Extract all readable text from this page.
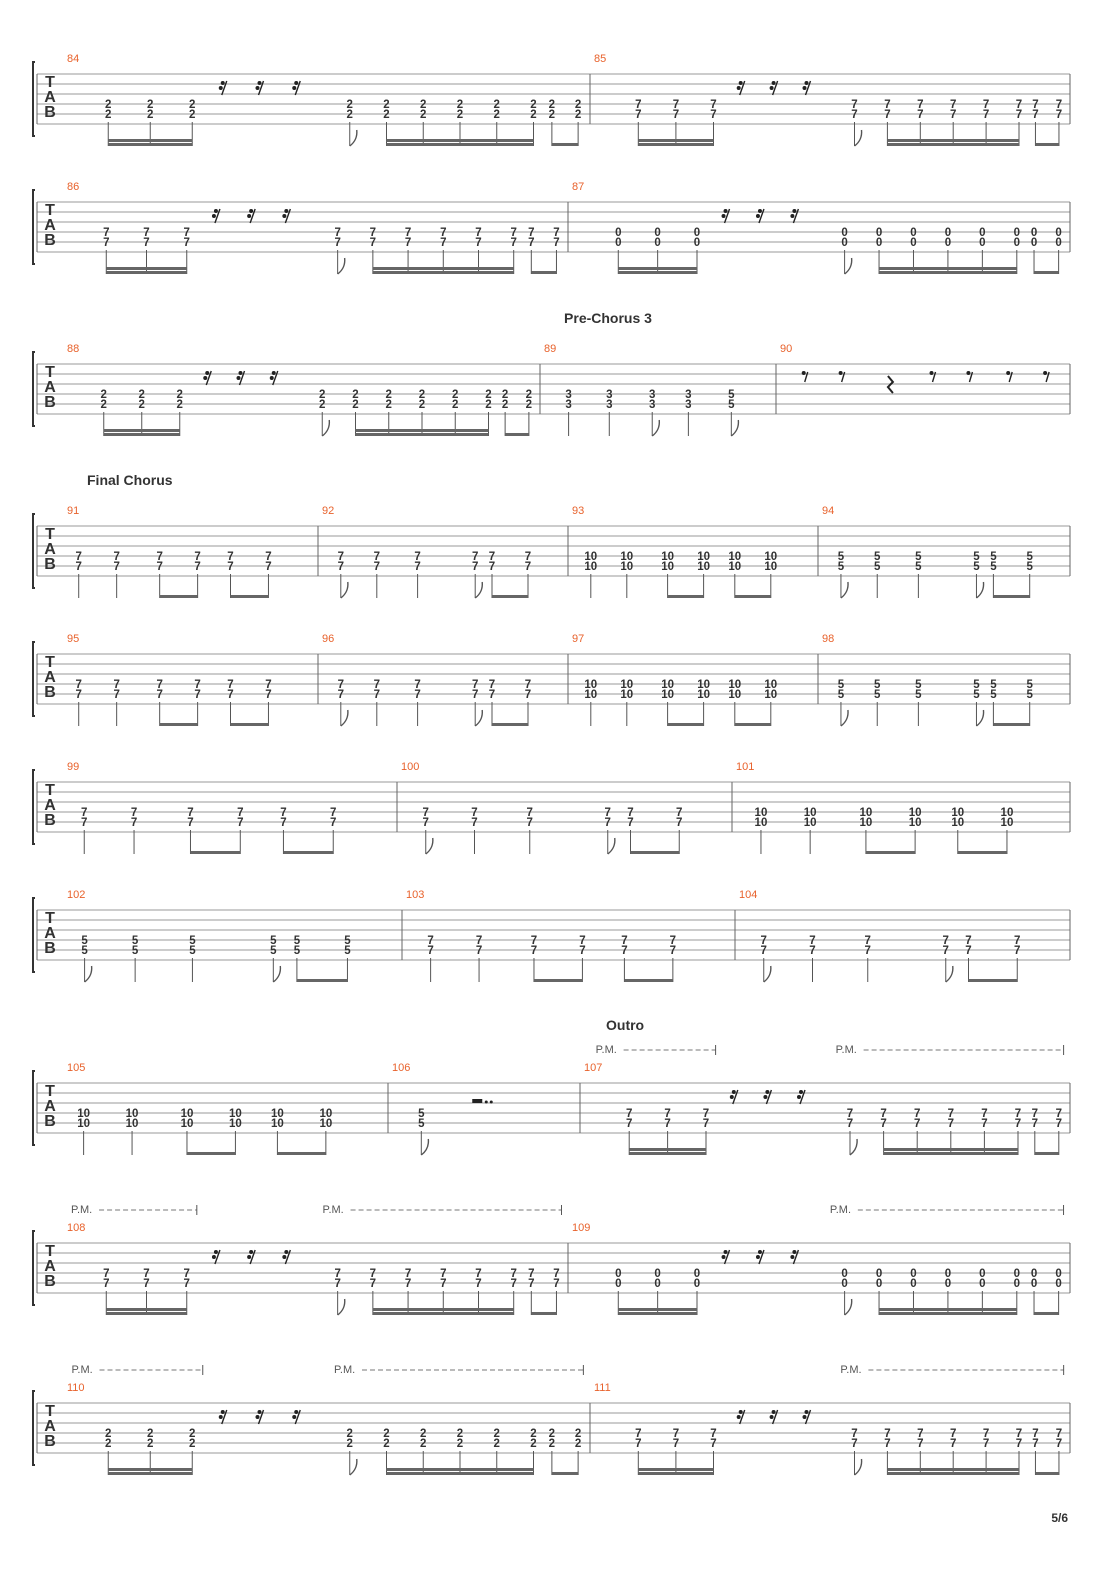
5/6
T
A
B
84
2
2
2
2
2
2
2
2
2
2
2
2
2
2
2
2
2
2
2
2
2
2
85
7
7
7
7
7
7
7
7
7
7
7
7
7
7
7
7
7
7
7
7
7
7
T
A
B
86
7
7
7
7
7
7
7
7
7
7
7
7
7
7
7
7
7
7
7
7
7
7
87
0
0
0
0
0
0
0
0
0
0
0
0
0
0
0
0
0
0
0
0
0
0
T
A
B
Pre-Chorus 3
88
2
2
2
2
2
2
2
2
2
2
2
2
2
2
2
2
2
2
2
2
2
2
89
3
3
3
3
3
3
3
3
5
5
90
T
A
B
Final Chorus
91
7
7
7
7
7
7
7
7
7
7
7
7
92
7
7
7
7
7
7
7
7
7
7
7
7
93
10
10
10
10
10
10
10
10
10
10
10
10
94
5
5
5
5
5
5
5
5
5
5
5
5
T
A
B
95
7
7
7
7
7
7
7
7
7
7
7
7
96
7
7
7
7
7
7
7
7
7
7
7
7
97
10
10
10
10
10
10
10
10
10
10
10
10
98
5
5
5
5
5
5
5
5
5
5
5
5
T
A
B
99
7
7
7
7
7
7
7
7
7
7
7
7
100
7
7
7
7
7
7
7
7
7
7
7
7
101
10
10
10
10
10
10
10
10
10
10
10
10
T
A
B
102
5
5
5
5
5
5
5
5
5
5
5
5
103
7
7
7
7
7
7
7
7
7
7
7
7
104
7
7
7
7
7
7
7
7
7
7
7
7
T
A
B
Outro
105
10
10
10
10
10
10
10
10
10
10
10
10
106
5
5
107
7
7
7
7
7
7
7
7
7
7
7
7
7
7
7
7
7
7
7
7
7
7
P.M.	P.M.
T
A
B
108
7
7
7
7
7
7
7
7
7
7
7
7
7
7
7
7
7
7
7
7
7
7
P.M.	P.M.
109
0
0
0
0
0
0
0
0
0
0
0
0
0
0
0
0
0
0
0
0
0
0
P.M.
T
A
B
110
2
2
2
2
2
2
2
2
2
2
2
2
2
2
2
2
2
2
2
2
2
2
P.M.	P.M.
111
7
7
7
7
7
7
7
7
7
7
7
7
7
7
7
7
7
7
7
7
7
7
P.M.
